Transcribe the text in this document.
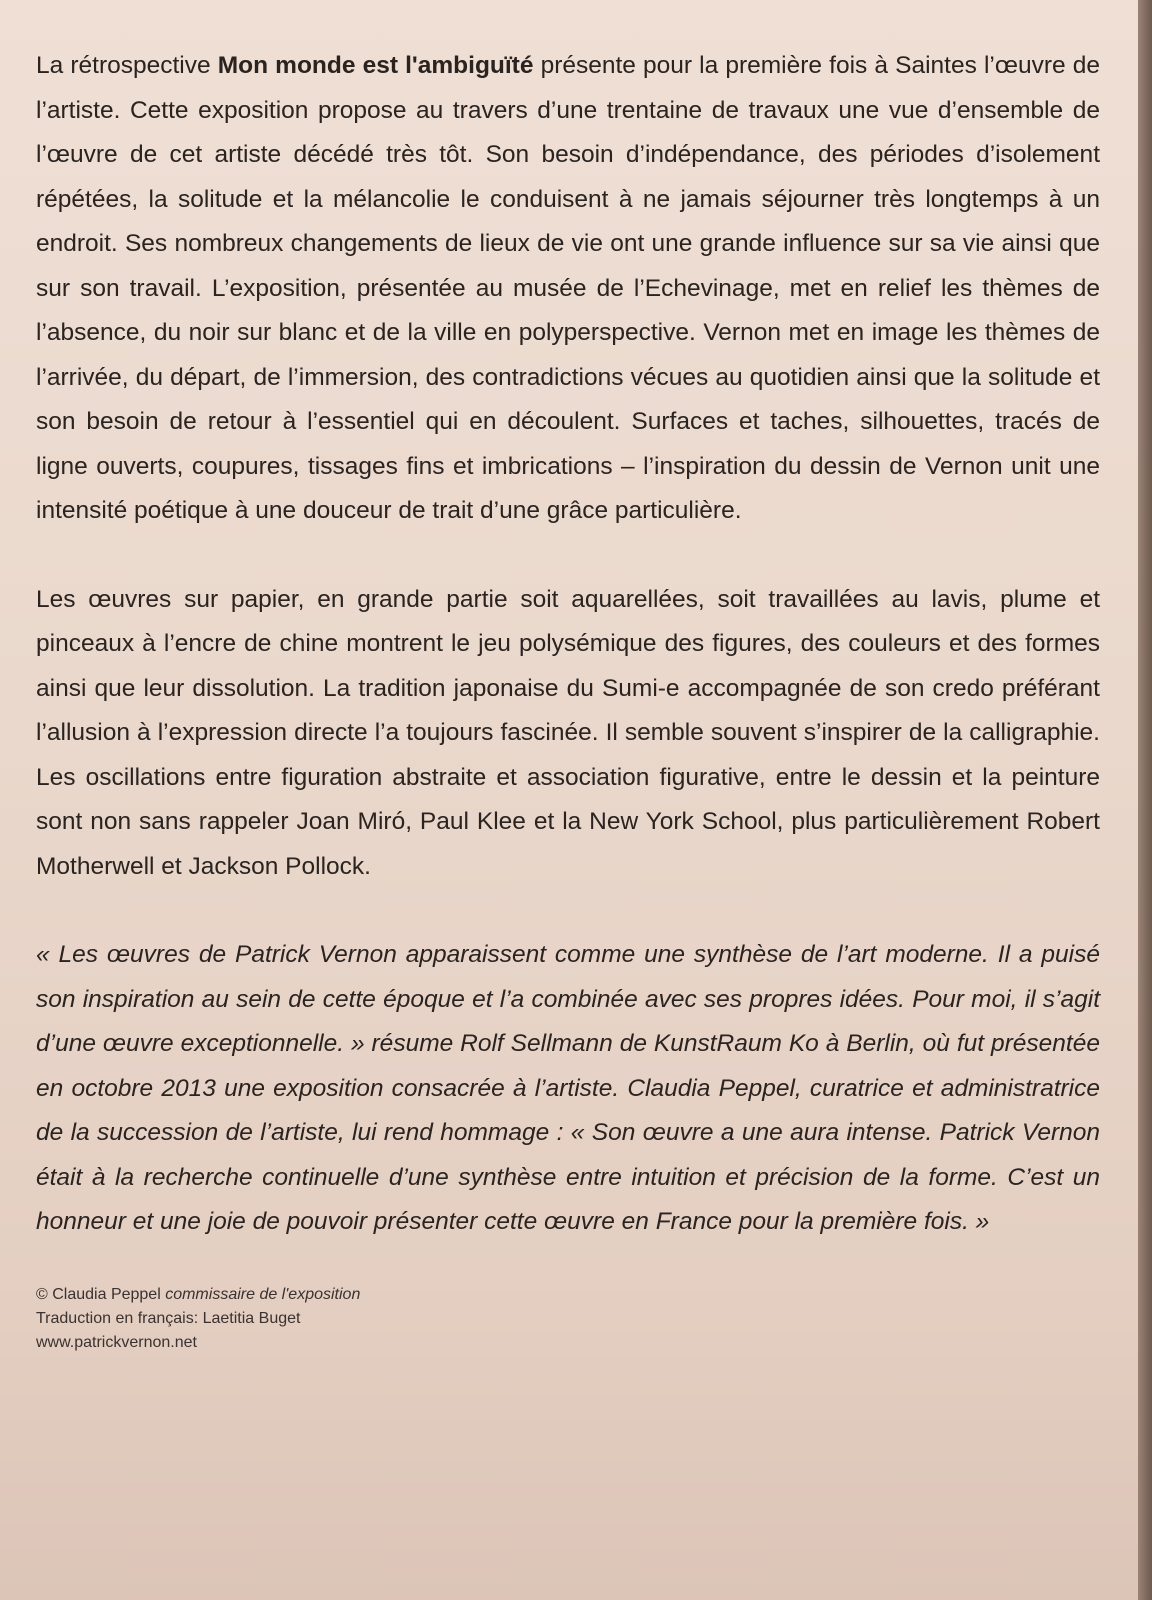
La rétrospective Mon monde est l'ambiguïté présente pour la première fois à Saintes l’œuvre de l’artiste. Cette exposition propose au travers d’une trentaine de travaux une vue d’ensemble de l’œuvre de cet artiste décédé très tôt. Son besoin d’indépendance, des périodes d’isolement répétées, la solitude et la mélancolie le conduisent à ne jamais séjourner très longtemps à un endroit. Ses nombreux changements de lieux de vie ont une grande influence sur sa vie ainsi que sur son travail. L’exposition, présentée au musée de l’Echevinage, met en relief les thèmes de l’absence, du noir sur blanc et de la ville en polyperspective. Vernon met en image les thèmes de l’arrivée, du départ, de l’immersion, des contradictions vécues au quotidien ainsi que la solitude et son besoin de retour à l’essentiel qui en découlent. Surfaces et taches, silhouettes, tracés de ligne ouverts, coupures, tissages fins et imbrications – l’inspiration du dessin de Vernon unit une intensité poétique à une douceur de trait d’une grâce particulière.

Les œuvres sur papier, en grande partie soit aquarellées, soit travaillées au lavis, plume et pinceaux à l’encre de chine montrent le jeu polysémique des figures, des couleurs et des formes ainsi que leur dissolution. La tradition japonaise du Sumi-e accompagnée de son credo préférant l’allusion à l’expression directe l’a toujours fascinée. Il semble souvent s’inspirer de la calligraphie. Les oscillations entre figuration abstraite et association figurative, entre le dessin et la peinture sont non sans rappeler Joan Miró, Paul Klee et la New York School, plus particulièrement Robert Motherwell et Jackson Pollock.

« Les œuvres de Patrick Vernon apparaissent comme une synthèse de l’art moderne. Il a puisé son inspiration au sein de cette époque et l’a combinée avec ses propres idées. Pour moi, il s’agit d’une œuvre exceptionnelle. » résume Rolf Sellmann de KunstRaum Ko à Berlin, où fut présentée en octobre 2013 une exposition consacrée à l’artiste. Claudia Peppel, curatrice et administratrice de la succession de l’artiste, lui rend hommage : « Son œuvre a une aura intense. Patrick Vernon était à la recherche continuelle d’une synthèse entre intuition et précision de la forme. C’est un honneur et une joie de pouvoir présenter cette œuvre en France pour la première fois. »

© Claudia Peppel commissaire de l'exposition
Traduction en français: Laetitia Buget
www.patrickvernon.net
